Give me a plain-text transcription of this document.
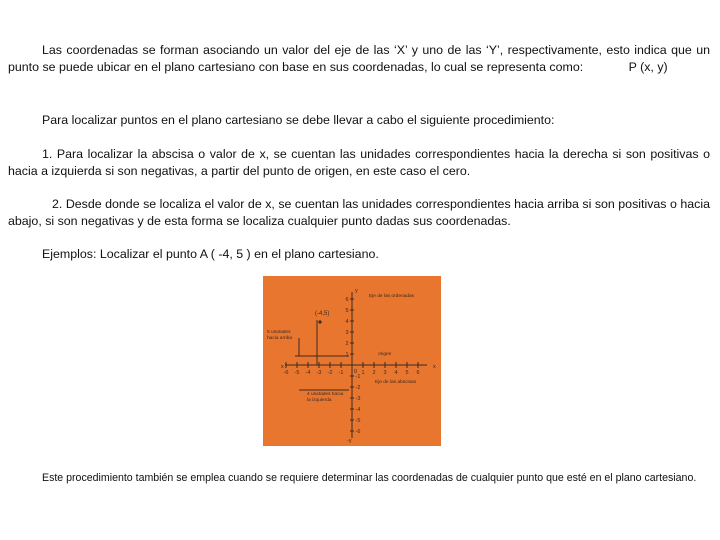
Las coordenadas se forman asociando un valor del eje de las ‘X’ y uno de las ‘Y’, respectivamente, esto indica que un punto se puede ubicar en el plano cartesiano con base en sus coordenadas, lo cual se representa como:	P (x, y)

Para localizar puntos en el plano cartesiano se debe llevar a cabo el siguiente procedimiento:

1. Para localizar la abscisa o valor de x, se cuentan las unidades correspondientes hacia la derecha si son positivas o hacia a izquierda si son negativas, a partir del punto de origen, en este caso el cero.

2. Desde donde se localiza el valor de x, se cuentan las unidades correspondientes hacia arriba si son positivas o hacia abajo, si son negativas y de esta forma se localiza cualquier punto dadas sus coordenadas.

Ejemplos: Localizar el punto A ( -4, 5 ) en el plano cartesiano.

6
5
4
3
2
1
-1
-2
-3
-4
-5
-6
1 2 3 4 5 6
-6 -5 -4 -3 -2 -1
y
Eje de las ordenadas
-y
x
x
Eje de las abscisas
(-4,5)
origen
0
5 unidades hacia arriba
4 unidades hacia la izquierda

Este procedimiento también se emplea cuando se requiere determinar las coordenadas de cualquier punto que esté en el plano cartesiano.
